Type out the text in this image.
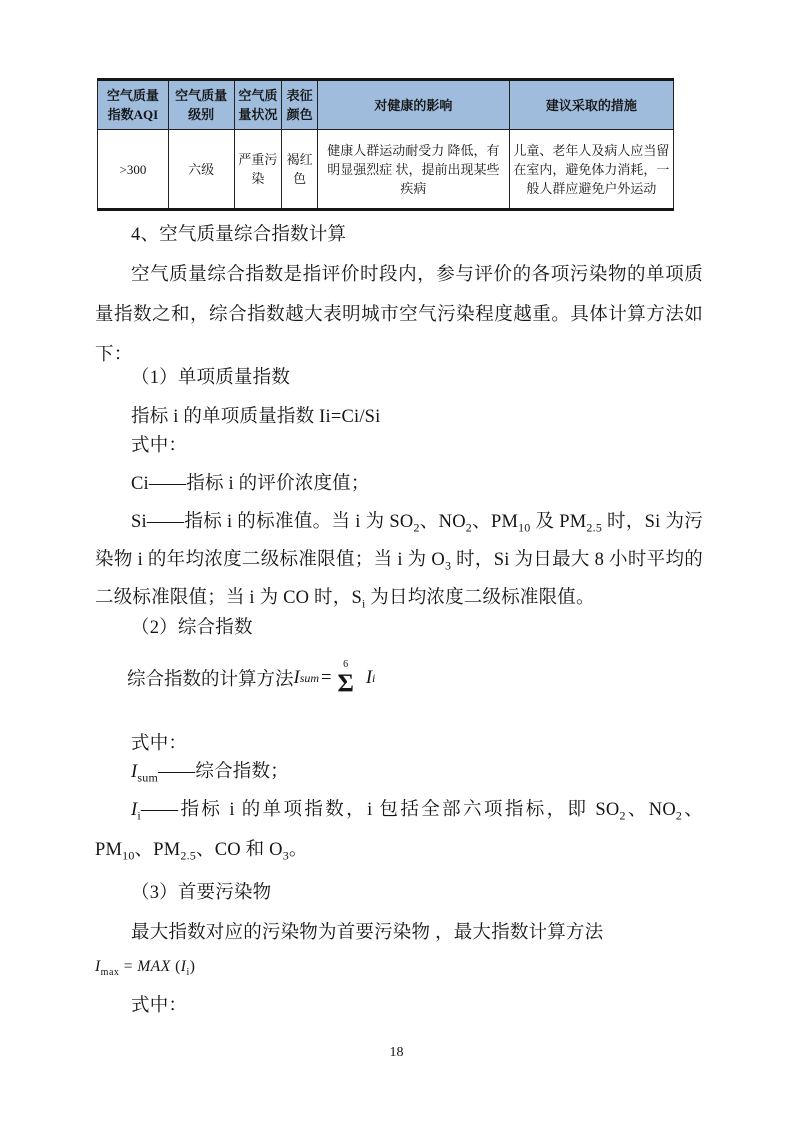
空气质量指数AQI	空气质量级别	空气质量状况	表征颜色	对健康的影响	建议采取的措施
>300	六级	严重污染	褐红色	健康人群运动耐受力 降低，有明显强烈症 状，提前出现某些疾病	儿童、老年人及病人应当留在室内，避免体力消耗，一般人群应避免户外运动
4、空气质量综合指数计算
空气质量综合指数是指评价时段内，参与评价的各项污染物的单项质量指数之和，综合指数越大表明城市空气污染程度越重。具体计算方法如下：
（1）单项质量指数
指标 i 的单项质量指数 Ii=Ci/Si
式中：
Ci——指标 i 的评价浓度值；
Si——指标 i 的标准值。当 i 为 $SO_2$、$NO_2$、$PM_{10}$ 及 $PM_{2.5}$ 时，Si 为污染物 i 的年均浓度二级标准限值；当 i 为 $O_3$ 时，Si 为日最大 8 小时平均的二级标准限值；当 i 为 CO 时，$S_i$ 为日均浓度二级标准限值。
（2）综合指数
综合指数的计算方法 I sum =
6
Σ I i
式中：
$I_{sum}——$综合指数；
$I_i——$指标 i 的单项指数，i 包括全部六项指标，即 $SO_2$、$NO_2$、$PM_{10}$、$PM_{2.5}$、CO 和 $O_3$。
（3）首要污染物
最大指数对应的污染物为首要污染物 ，最大指数计算方法
$I_{max}$ = MAX $(I_i)$
式中：
18
